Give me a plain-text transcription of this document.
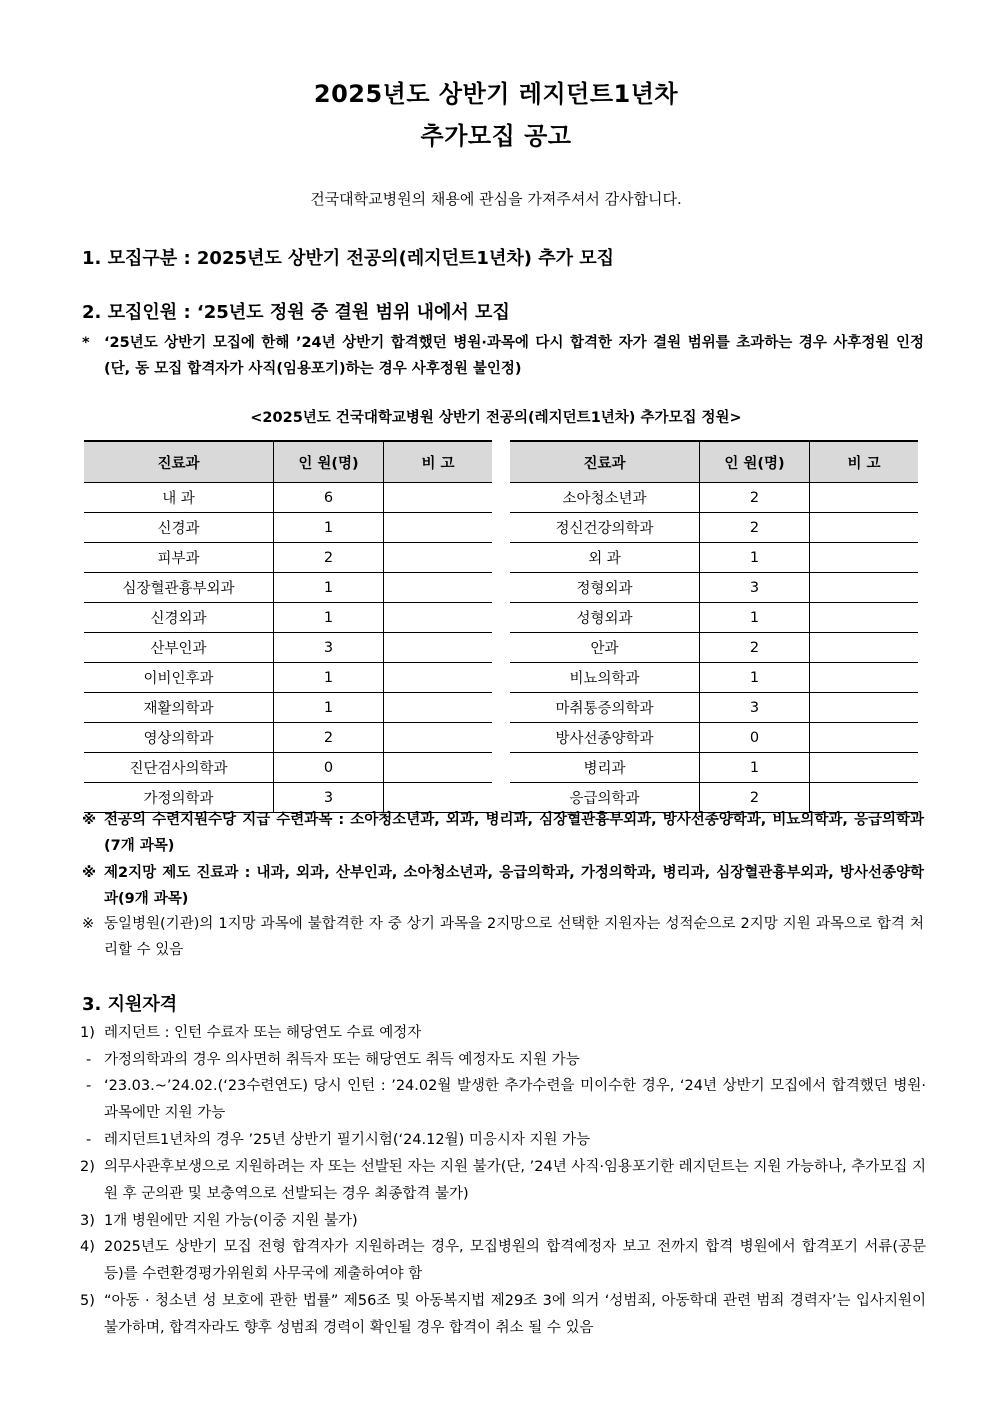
2025년도 상반기 레지던트1년차
추가모집 공고
건국대학교병원의 채용에 관심을 가져주셔서 감사합니다.
1. 모집구분 : 2025년도 상반기 전공의(레지던트1년차) 추가 모집
2. 모집인원 : ‘25년도 정원 중 결원 범위 내에서 모집
* ‘25년도 상반기 모집에 한해 ’24년 상반기 합격했던 병원·과목에 다시 합격한 자가 결원 범위를 초과하는 경우 사후정원 인정 (단, 동 모집 합격자가 사직(임용포기)하는 경우 사후정원 불인정)
<2025년도 건국대학교병원 상반기 전공의(레지던트1년차) 추가모집 정원>
진료과	인 원(명)	비 고
내 과	6	
신경과	1	
피부과	2	
심장혈관흉부외과	1	
신경외과	1	
산부인과	3	
이비인후과	1	
재활의학과	1	
영상의학과	2	
진단검사의학과	0	
가정의학과	3	
진료과	인 원(명)	비 고
소아청소년과	2	
정신건강의학과	2	
외 과	1	
정형외과	3	
성형외과	1	
안과	2	
비뇨의학과	1	
마취통증의학과	3	
방사선종양학과	0	
병리과	1	
응급의학과	2	
※ 전공의 수련지원수당 지급 수련과목 : 소아청소년과, 외과, 병리과, 심장혈관흉부외과, 방사선종양학과, 비뇨의학과, 응급의학과(7개 과목)
※ 제2지망 제도 진료과 : 내과, 외과, 산부인과, 소아청소년과, 응급의학과, 가정의학과, 병리과, 심장혈관흉부외과, 방사선종양학과(9개 과목)
※ 동일병원(기관)의 1지망 과목에 불합격한 자 중 상기 과목을 2지망으로 선택한 지원자는 성적순으로 2지망 지원 과목으로 합격 처리할 수 있음
3. 지원자격
1) 레지던트 : 인턴 수료자 또는 해당연도 수료 예정자
- 가정의학과의 경우 의사면허 취득자 또는 해당연도 취득 예정자도 지원 가능
- ‘23.03.~’24.02.(‘23수련연도) 당시 인턴 : ’24.02월 발생한 추가수련을 미이수한 경우, ‘24년 상반기 모집에서 합격했던 병원·과목에만 지원 가능
- 레지던트1년차의 경우 ’25년 상반기 필기시험(‘24.12월) 미응시자 지원 가능
2) 의무사관후보생으로 지원하려는 자 또는 선발된 자는 지원 불가(단, ’24년 사직·임용포기한 레지던트는 지원 가능하나, 추가모집 지원 후 군의관 및 보충역으로 선발되는 경우 최종합격 불가)
3) 1개 병원에만 지원 가능(이중 지원 불가)
4) 2025년도 상반기 모집 전형 합격자가 지원하려는 경우, 모집병원의 합격예정자 보고 전까지 합격 병원에서 합격포기 서류(공문 등)를 수련환경평가위원회 사무국에 제출하여야 함
5) “아동 · 청소년 성 보호에 관한 법률” 제56조 및 아동복지법 제29조 3에 의거 ‘성범죄, 아동학대 관련 범죄 경력자’는 입사지원이 불가하며, 합격자라도 향후 성범죄 경력이 확인될 경우 합격이 취소 될 수 있음
